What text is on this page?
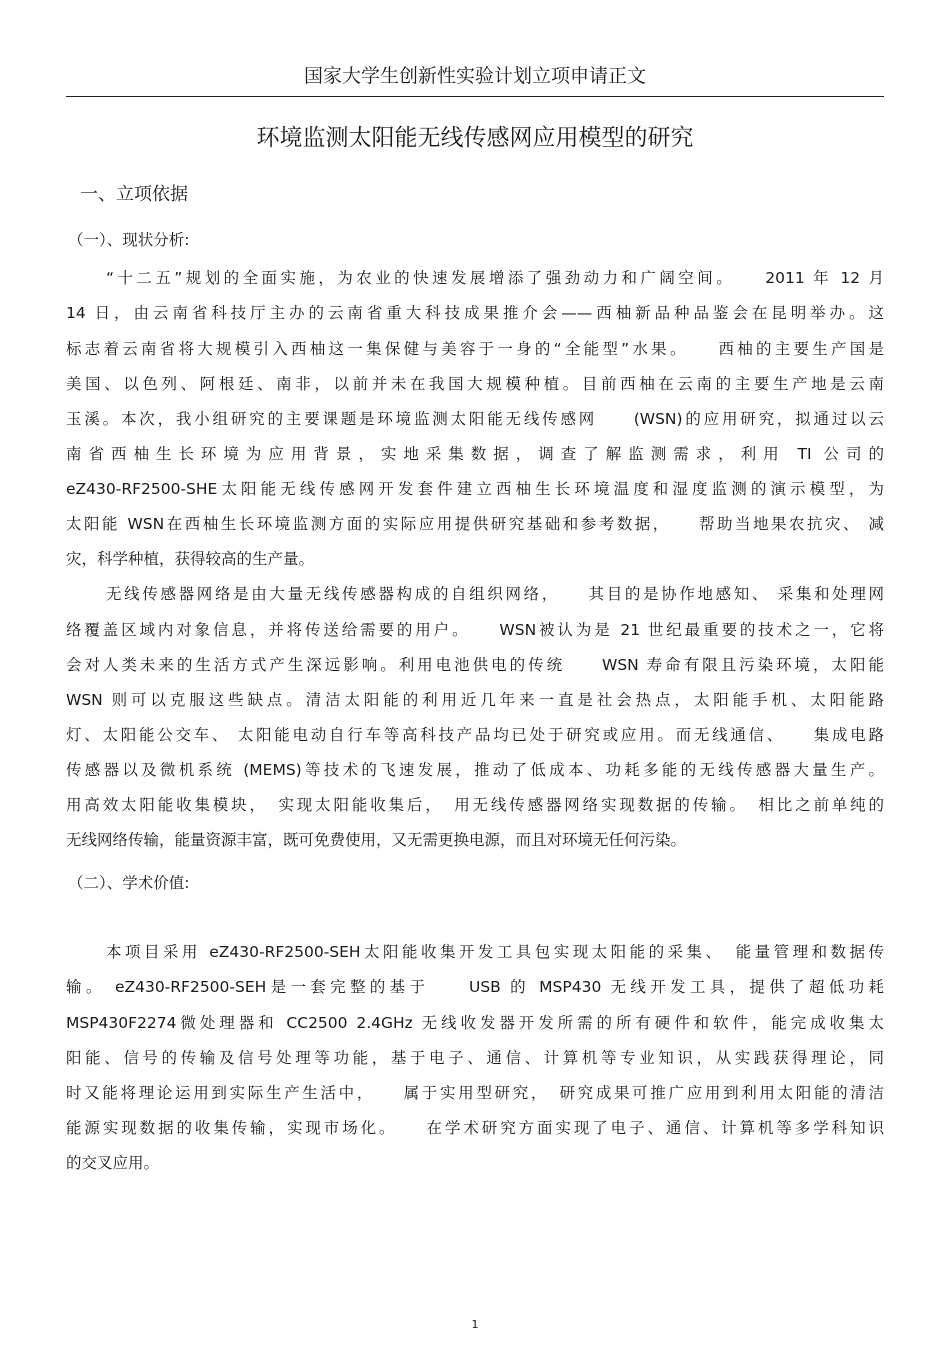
国家大学生创新性实验计划立项申请正文
环境监测太阳能无线传感网应用模型的研究
一、立项依据
（一）、现状分析:
“十二五”规划的全面实施，为农业的快速发展增添了强劲动力和广阔空间。　　2011 年 12 月
14 日，由云南省科技厅主办的云南省重大科技成果推介会——西柚新品种品鉴会在昆明举办。这
标志着云南省将大规模引入西柚这一集保健与美容于一身的“全能型”水果。　　西柚的主要生产国是
美国、以色列、阿根廷、南非，以前并未在我国大规模种植。目前西柚在云南的主要生产地是云南
玉溪。本次，我小组研究的主要课题是环境监测太阳能无线传感网　　(WSN)的应用研究，拟通过以云
南省西柚生长环境为应用背景，实地采集数据，调查了解监测需求，利用 TI 公司的
eZ430-RF2500-SHE太阳能无线传感网开发套件建立西柚生长环境温度和湿度监测的演示模型，为
太阳能 WSN在西柚生长环境监测方面的实际应用提供研究基础和参考数据，　　帮助当地果农抗灾、 减
灾，科学种植，获得较高的生产量。
无线传感器网络是由大量无线传感器构成的自组织网络，　　其目的是协作地感知、 采集和处理网
络覆盖区域内对象信息，并将传送给需要的用户。　　WSN被认为是 21 世纪最重要的技术之一，它将
会对人类未来的生活方式产生深远影响。利用电池供电的传统　　WSN 寿命有限且污染环境，太阳能
WSN 则可以克服这些缺点。清洁太阳能的利用近几年来一直是社会热点，太阳能手机、太阳能路
灯、太阳能公交车、 太阳能电动自行车等高科技产品均已处于研究或应用。而无线通信、　　集成电路
传感器以及微机系统 (MEMS)等技术的飞速发展，推动了低成本、功耗多能的无线传感器大量生产。
用高效太阳能收集模块，　实现太阳能收集后，　用无线传感器网络实现数据的传输。　相比之前单纯的
无线网络传输，能量资源丰富，既可免费使用，又无需更换电源，而且对环境无任何污染。
（二）、学术价值:
本项目采用 eZ430-RF2500-SEH太阳能收集开发工具包实现太阳能的采集、　能量管理和数据传
输。 eZ430-RF2500-SEH是一套完整的基于　　USB 的 MSP430 无线开发工具，提供了超低功耗
MSP430F2274微处理器和 CC2500 2.4GHz 无线收发器开发所需的所有硬件和软件，能完成收集太
阳能、信号的传输及信号处理等功能，基于电子、通信、计算机等专业知识，从实践获得理论，同
时又能将理论运用到实际生产生活中，　　属于实用型研究，　研究成果可推广应用到利用太阳能的清洁
能源实现数据的收集传输，实现市场化。　　在学术研究方面实现了电子、通信、计算机等多学科知识
的交叉应用。
1
